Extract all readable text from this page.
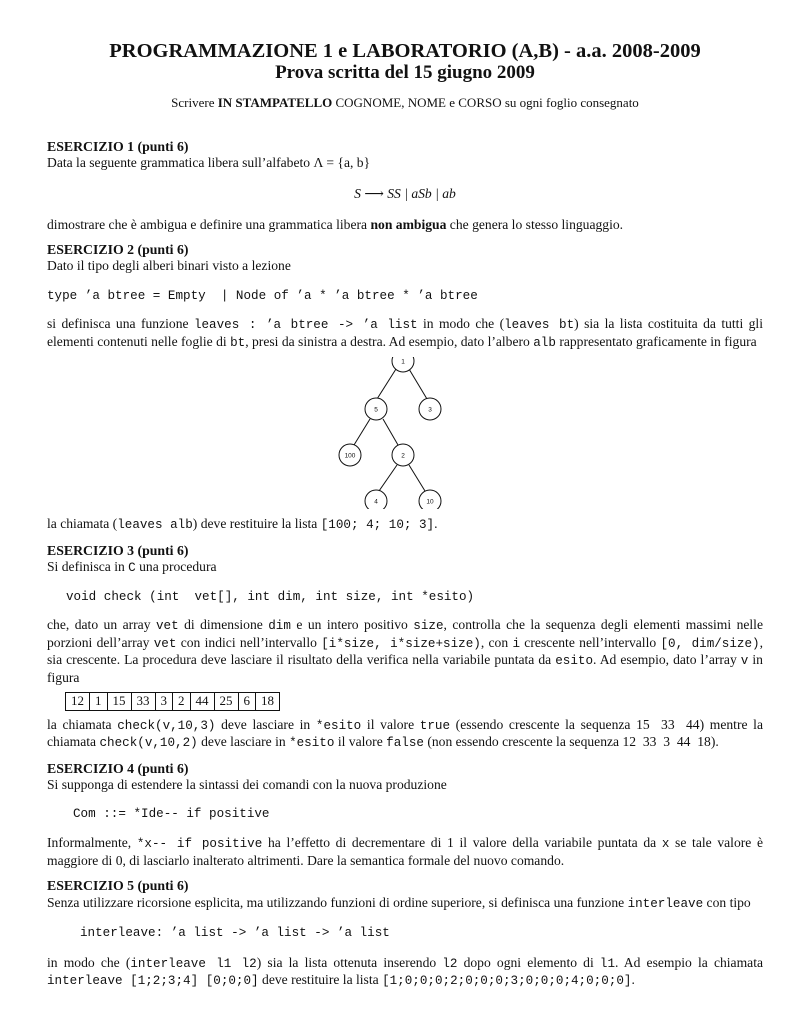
PROGRAMMAZIONE 1 e LABORATORIO (A,B) - a.a. 2008-2009
Prova scritta del 15 giugno 2009
Scrivere IN STAMPATELLO COGNOME, NOME e CORSO su ogni foglio consegnato
ESERCIZIO 1 (punti 6)

Data la seguente grammatica libera sull’alfabeto Λ = {a, b}

S ⟶ SS | aSb | ab

dimostrare che è ambigua e definire una grammatica libera non ambigua che genera lo stesso linguaggio.

ESERCIZIO 2 (punti 6)

Dato il tipo degli alberi binari visto a lezione

type ’a btree = Empty  | Node of ’a * ’a btree * ’a btree

si definisca una funzione leaves : ’a btree -> ’a list in modo che (leaves bt) sia la lista costituita da tutti gli elementi contenuti nelle foglie di bt, presi da sinistra a destra. Ad esempio, dato l’albero alb rappresentato graficamente in figura

1
5	3
100	2
4	10

la chiamata (leaves alb) deve restituire la lista [100; 4; 10; 3].

ESERCIZIO 3 (punti 6)

Si definisca in C una procedura

void check (int  vet[], int dim, int size, int *esito)

che, dato un array vet di dimensione dim e un intero positivo size, controlla che la sequenza degli elementi massimi nelle porzioni dell’array vet con indici nell’intervallo [i*size, i*size+size), con i crescente nell’intervallo [0, dim/size), sia crescente. La procedura deve lasciare il risultato della verifica nella variabile puntata da esito. Ad esempio, dato l’array v in figura

12	1	15	33	3	2	44	25	6	18

la chiamata check(v,10,3) deve lasciare in *esito il valore true (essendo crescente la sequenza 15  33  44) mentre la chiamata check(v,10,2) deve lasciare in *esito il valore false (non essendo crescente la sequenza 12  33  3  44  18).

ESERCIZIO 4 (punti 6)

Si supponga di estendere la sintassi dei comandi con la nuova produzione

Com ::= *Ide-- if positive

Informalmente, *x-- if positive ha l’effetto di decrementare di 1 il valore della variabile puntata da x se tale valore è maggiore di 0, di lasciarlo inalterato altrimenti. Dare la semantica formale del nuovo comando.

ESERCIZIO 5 (punti 6)

Senza utilizzare ricorsione esplicita, ma utilizzando funzioni di ordine superiore, si definisca una funzione interleave con tipo

interleave: ’a list -> ’a list -> ’a list

in modo che (interleave l1 l2) sia la lista ottenuta inserendo l2 dopo ogni elemento di l1. Ad esempio la chiamata interleave [1;2;3;4] [0;0;0] deve restituire la lista [1;0;0;0;2;0;0;0;3;0;0;0;4;0;0;0].
